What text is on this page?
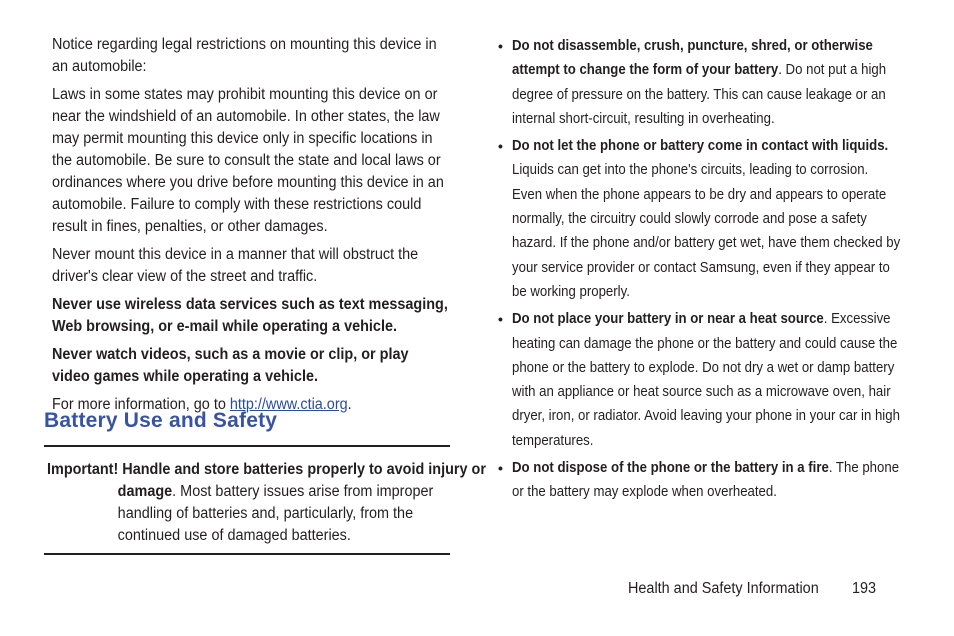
Notice regarding legal restrictions on mounting this device in an automobile:

Laws in some states may prohibit mounting this device on or near the windshield of an automobile. In other states, the law may permit mounting this device only in specific locations in the automobile. Be sure to consult the state and local laws or ordinances where you drive before mounting this device in an automobile. Failure to comply with these restrictions could result in fines, penalties, or other damages.

Never mount this device in a manner that will obstruct the driver's clear view of the street and traffic.

Never use wireless data services such as text messaging, Web browsing, or e-mail while operating a vehicle.

Never watch videos, such as a movie or clip, or play video games while operating a vehicle.

For more information, go to http://www.ctia.org.

Battery Use and Safety
Important! Handle and store batteries properly to avoid injury or
damage. Most battery issues arise from improper
handling of batteries and, particularly, from the
continued use of damaged batteries.
• Do not disassemble, crush, puncture, shred, or otherwise attempt to change the form of your battery. Do not put a high degree of pressure on the battery. This can cause leakage or an internal short-circuit, resulting in overheating.

• Do not let the phone or battery come in contact with liquids. Liquids can get into the phone's circuits, leading to corrosion. Even when the phone appears to be dry and appears to operate normally, the circuitry could slowly corrode and pose a safety hazard. If the phone and/or battery get wet, have them checked by your service provider or contact Samsung, even if they appear to be working properly.

• Do not place your battery in or near a heat source. Excessive heating can damage the phone or the battery and could cause the phone or the battery to explode. Do not dry a wet or damp battery with an appliance or heat source such as a microwave oven, hair dryer, iron, or radiator. Avoid leaving your phone in your car in high temperatures.

• Do not dispose of the phone or the battery in a fire. The phone or the battery may explode when overheated.

Health and Safety Information 193
